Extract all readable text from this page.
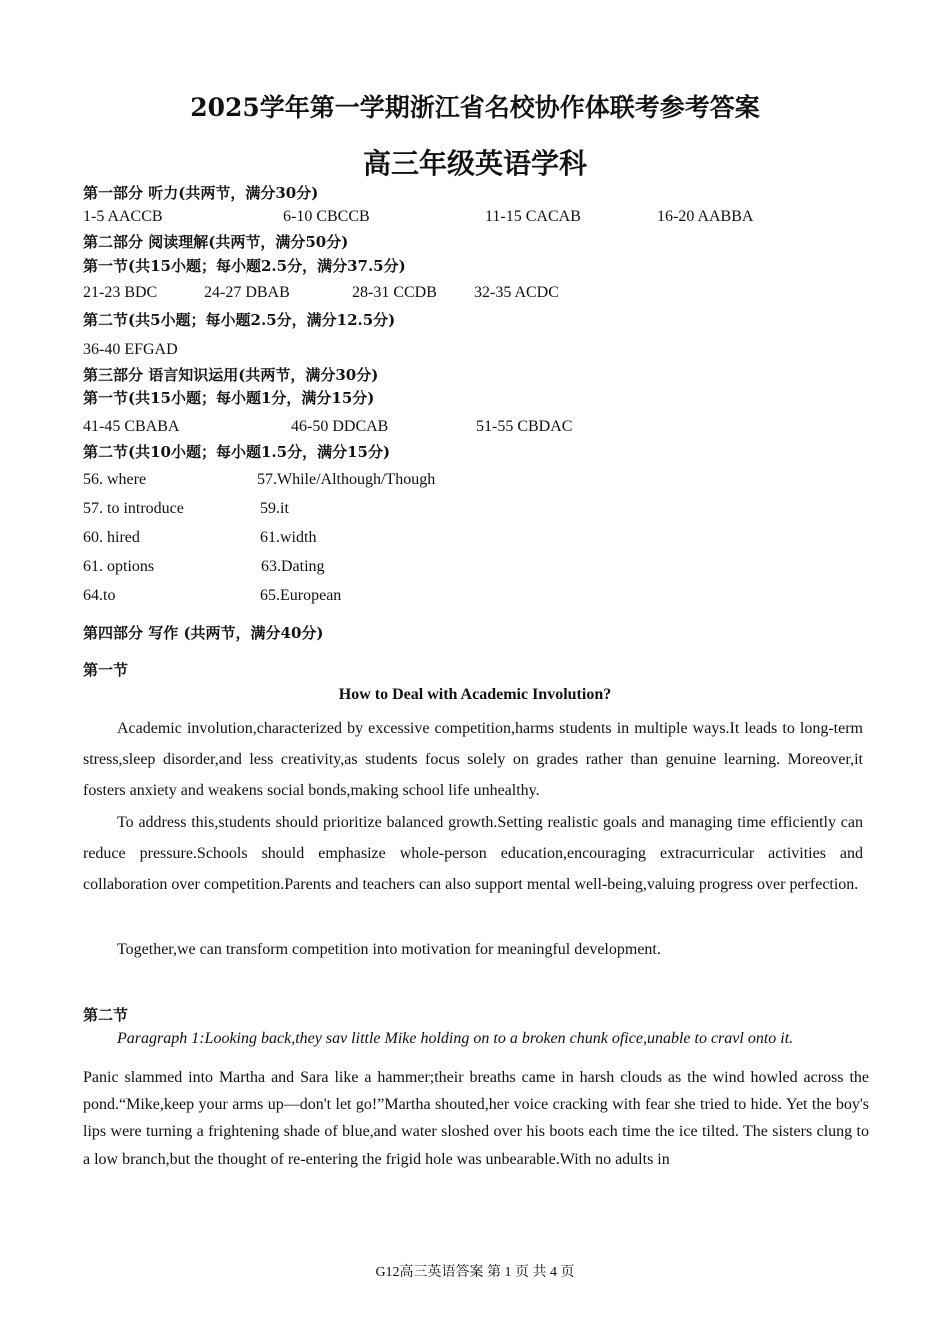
2025学年第一学期浙江省名校协作体联考参考答案
高三年级英语学科
第一部分 听力(共两节，满分30分)
1-5 AACCB	6-10 CBCCB	11-15 CACAB	16-20 AABBA
第二部分 阅读理解(共两节，满分50分)
第一节(共15小题；每小题2.5分，满分37.5分)
21-23 BDC	24-27 DBAB	28-31 CCDB 32-35 ACDC
第二节(共5小题；每小题2.5分，满分12.5分)
36-40 EFGAD
第三部分 语言知识运用(共两节，满分30分)
第一节(共15小题；每小题1分，满分15分)
41-45 CBABA	46-50 DDCAB	51-55 CBDAC
第二节(共10小题；每小题1.5分，满分15分)
56. where	57.While/Although/Though
57. to introduce	59.it
60. hired	61.width
61. options	63.Dating
64.to	65.European
第四部分 写作 (共两节，满分40分)
第一节
How to Deal with Academic Involution?
Academic involution,characterized by excessive competition,harms students in multiple ways.It leads to long-term stress,sleep disorder,and less creativity,as students focus solely on grades rather than genuine learning. Moreover,it fosters anxiety and weakens social bonds,making school life unhealthy.
To address this,students should prioritize balanced growth.Setting realistic goals and managing time efficiently can reduce pressure.Schools should emphasize whole-person education,encouraging extracurricular activities and collaboration over competition.Parents and teachers can also support mental well-being,valuing progress over perfection.
Together,we can transform competition into motivation for meaningful development.
第二节
Paragraph 1:Looking back,they sav little Mike holding on to a broken chunk ofice,unable to cravl onto it.
Panic slammed into Martha and Sara like a hammer;their breaths came in harsh clouds as the wind howled across the pond.“Mike,keep your arms up—don't let go!”Martha shouted,her voice cracking with fear she tried to hide. Yet the boy's lips were turning a frightening shade of blue,and water sloshed over his boots each time the ice tilted. The sisters clung to a low branch,but the thought of re-entering the frigid hole was unbearable.With no adults in
G12高三英语答案 第 1 页 共 4 页
